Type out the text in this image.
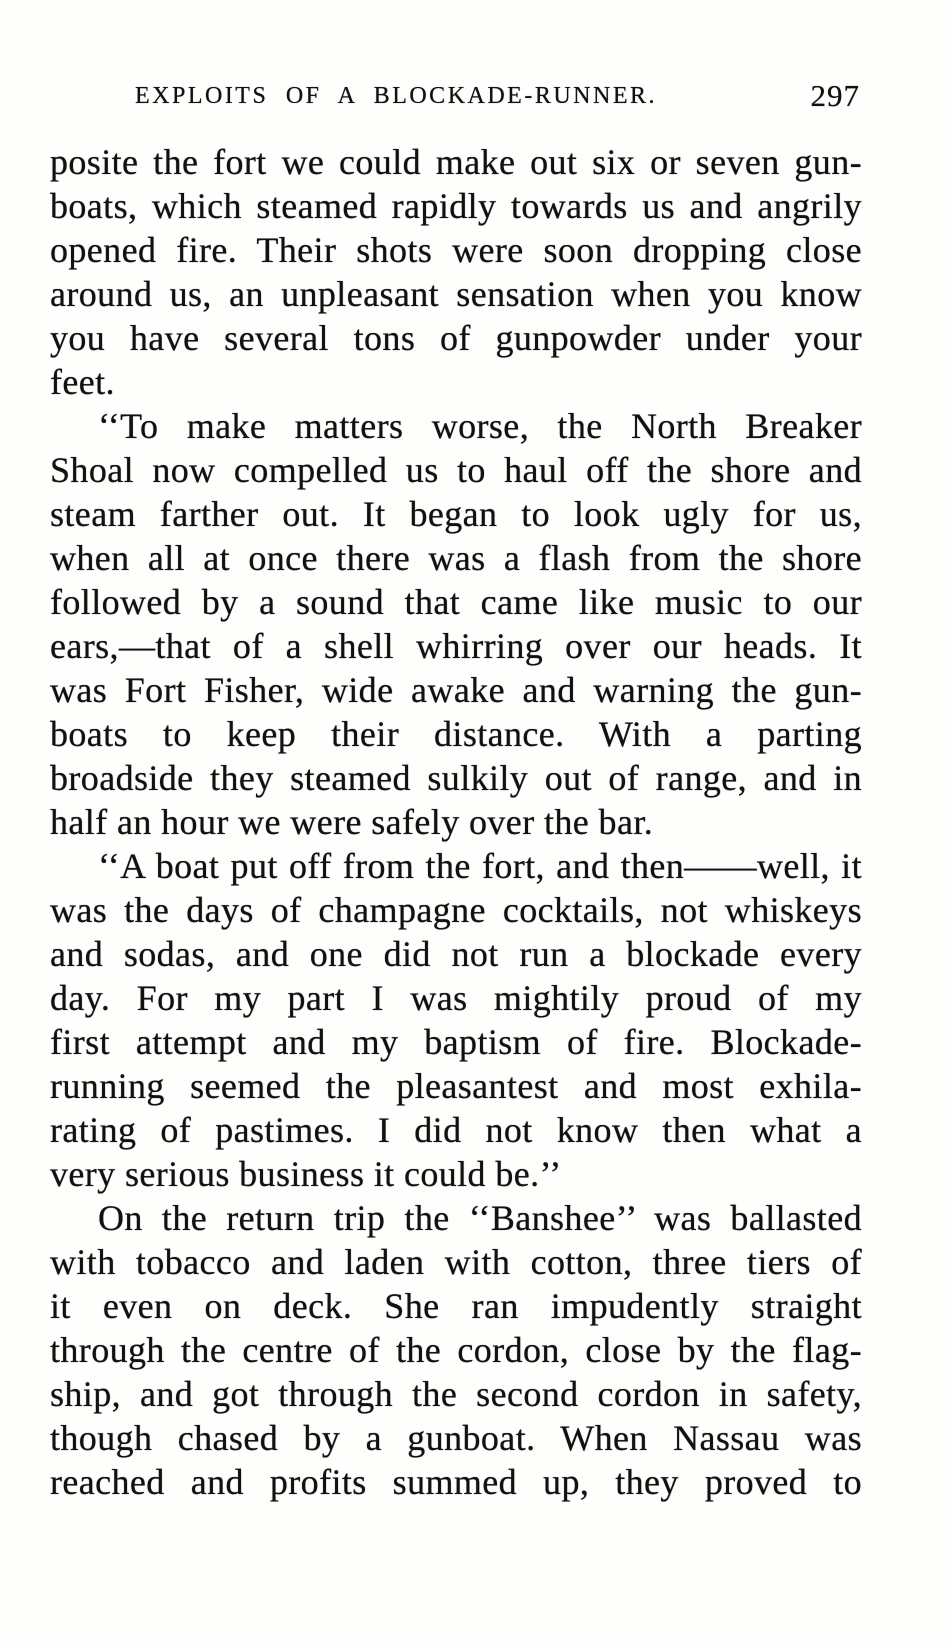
EXPLOITS OF A BLOCKADE-RUNNER.	297
posite the fort we could make out six or seven gun-
boats, which steamed rapidly towards us and angrily
opened fire. Their shots were soon dropping close
around us, an unpleasant sensation when you know
you have several tons of gunpowder under your
feet.
‘‘To make matters worse, the North Breaker
Shoal now compelled us to haul off the shore and
steam farther out. It began to look ugly for us,
when all at once there was a flash from the shore
followed by a sound that came like music to our
ears,—that of a shell whirring over our heads. It
was Fort Fisher, wide awake and warning the gun-
boats to keep their distance. With a parting
broadside they steamed sulkily out of range, and in
half an hour we were safely over the bar.
‘‘A boat put off from the fort, and then——well, it
was the days of champagne cocktails, not whiskeys
and sodas, and one did not run a blockade every
day. For my part I was mightily proud of my
first attempt and my baptism of fire. Blockade-
running seemed the pleasantest and most exhila-
rating of pastimes. I did not know then what a
very serious business it could be.’’
On the return trip the ‘‘Banshee’’ was ballasted
with tobacco and laden with cotton, three tiers of
it even on deck. She ran impudently straight
through the centre of the cordon, close by the flag-
ship, and got through the second cordon in safety,
though chased by a gunboat. When Nassau was
reached and profits summed up, they proved to
